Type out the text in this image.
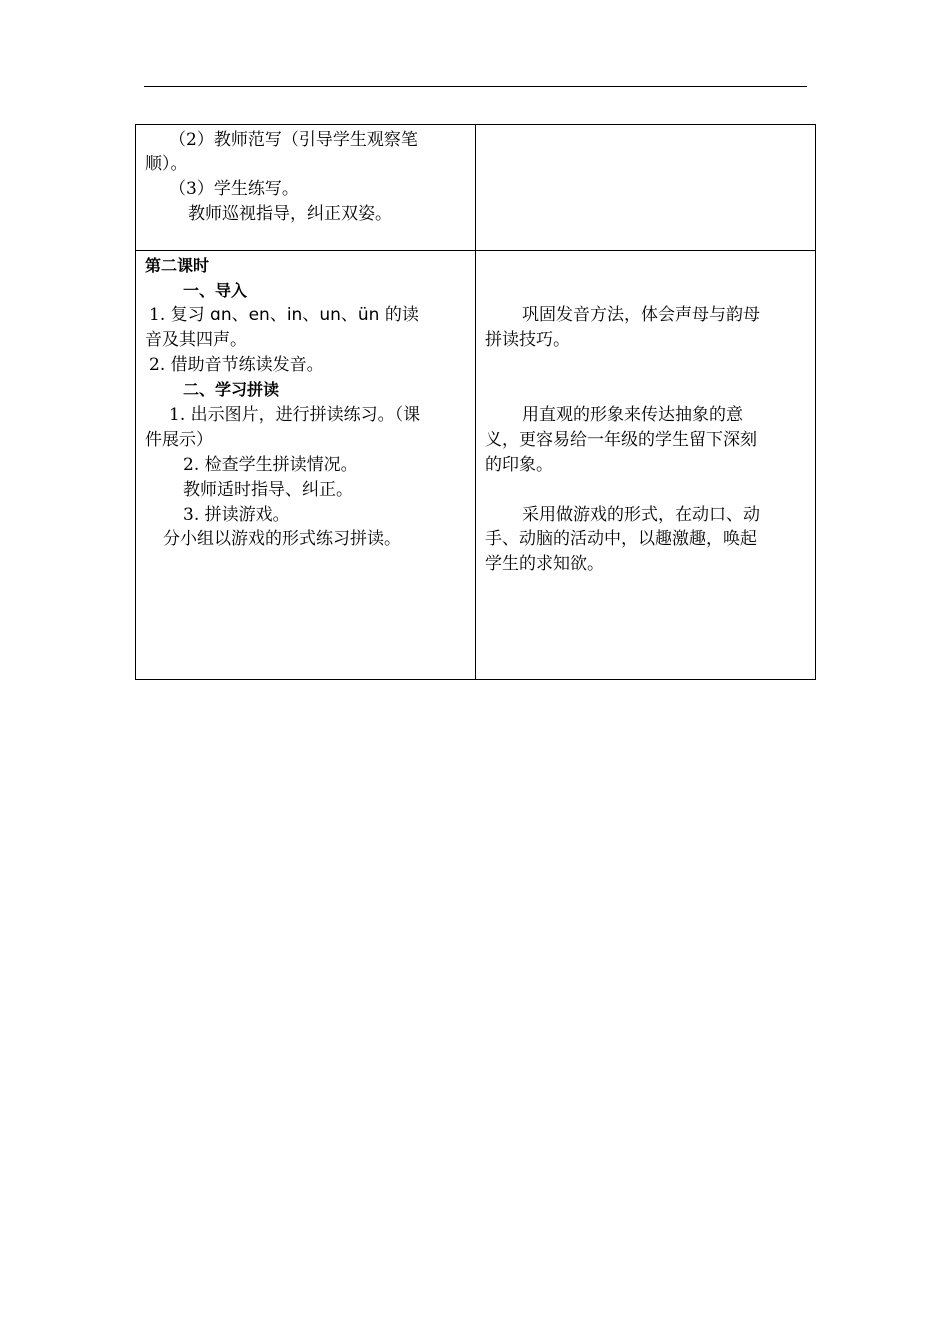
（2）教师范写（引导学生观察笔
顺）。
（3）学生练写。
教师巡视指导，纠正双姿。
第二课时
一、导入
1. 复习 ɑn、en、in、un、ün 的读
音及其四声。
2. 借助音节练读发音。
二、学习拼读
1. 出示图片，进行拼读练习。（课
件展示）
2. 检查学生拼读情况。
教师适时指导、纠正。
3. 拼读游戏。
分小组以游戏的形式练习拼读。
巩固发音方法，体会声母与韵母
拼读技巧。
用直观的形象来传达抽象的意
义，更容易给一年级的学生留下深刻
的印象。
采用做游戏的形式，在动口、动
手、动脑的活动中，以趣激趣，唤起
学生的求知欲。
